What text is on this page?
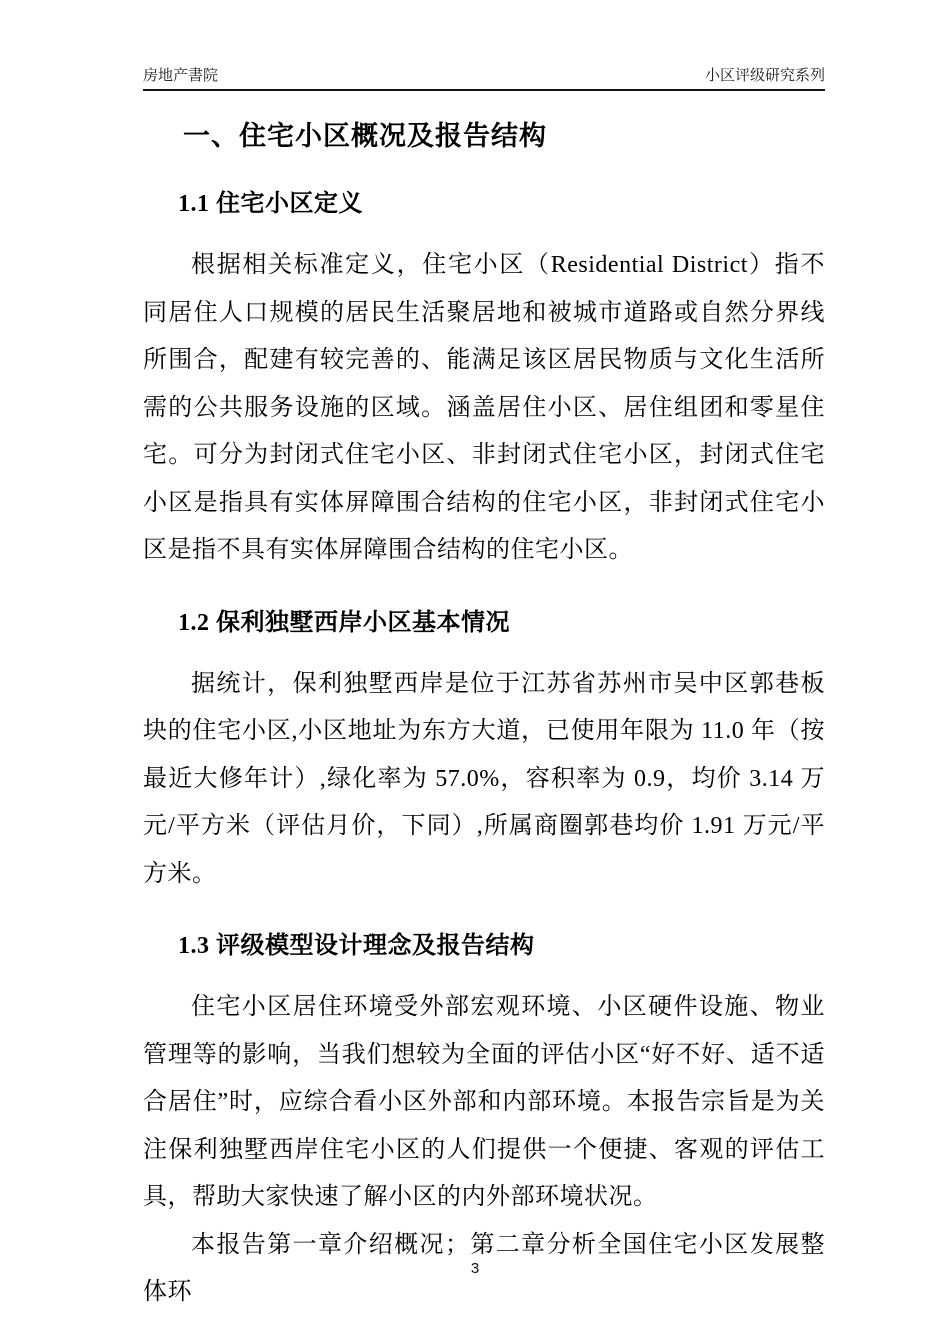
房地产書院	小区评级研究系列
一、住宅小区概况及报告结构
1.1 住宅小区定义

根据相关标准定义，住宅小区（Residential District）指不同居住人口规模的居民生活聚居地和被城市道路或自然分界线所围合，配建有较完善的、能满足该区居民物质与文化生活所需的公共服务设施的区域。涵盖居住小区、居住组团和零星住宅。可分为封闭式住宅小区、非封闭式住宅小区，封闭式住宅小区是指具有实体屏障围合结构的住宅小区，非封闭式住宅小区是指不具有实体屏障围合结构的住宅小区。

1.2 保利独墅西岸小区基本情况

据统计，保利独墅西岸是位于江苏省苏州市吴中区郭巷板块的住宅小区,小区地址为东方大道，已使用年限为 11.0 年（按最近大修年计）,绿化率为 57.0%，容积率为 0.9，均价 3.14 万元/平方米（评估月价，下同）,所属商圈郭巷均价 1.91 万元/平方米。

1.3 评级模型设计理念及报告结构

住宅小区居住环境受外部宏观环境、小区硬件设施、物业管理等的影响，当我们想较为全面的评估小区“好不好、适不适合居住”时，应综合看小区外部和内部环境。本报告宗旨是为关注保利独墅西岸住宅小区的人们提供一个便捷、客观的评估工具，帮助大家快速了解小区的内外部环境状况。

本报告第一章介绍概况；第二章分析全国住宅小区发展整体环

3
